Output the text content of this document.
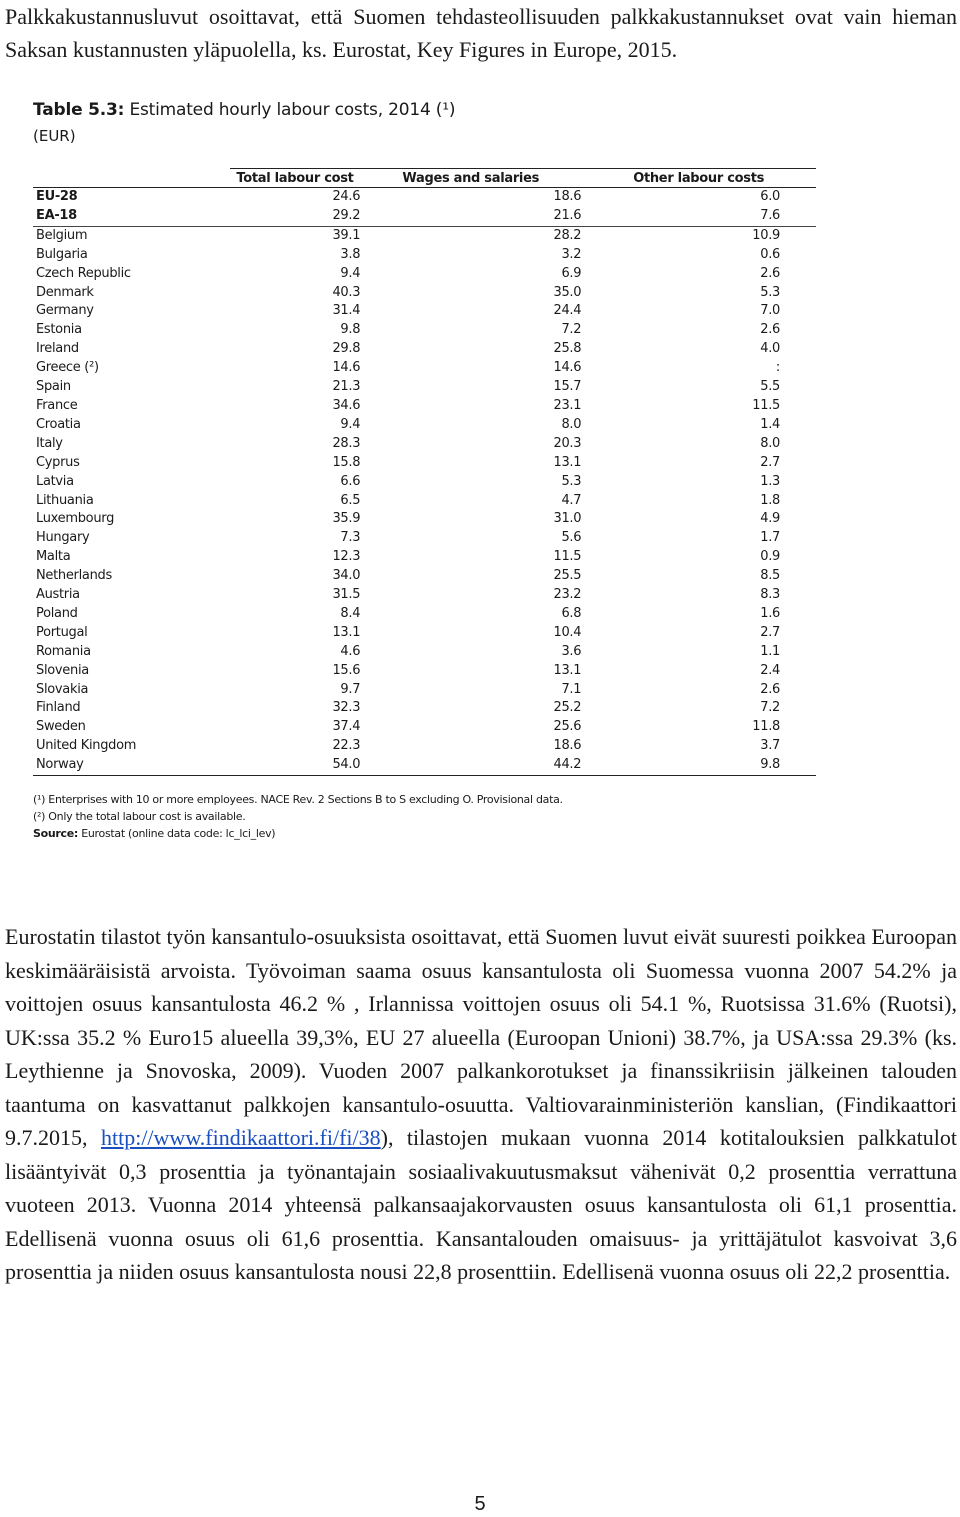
Palkkakustannusluvut osoittavat, että Suomen tehdasteollisuuden palkkakustannukset ovat vain hieman Saksan kustannusten yläpuolella, ks. Eurostat, Key Figures in Europe, 2015.

Table 5.3: Estimated hourly labour costs, 2014 (¹)

(EUR)

	Total labour cost	Wages and salaries	Other labour costs
EU-28	24.6	18.6	6.0
EA-18	29.2	21.6	7.6
Belgium	39.1	28.2	10.9
Bulgaria	3.8	3.2	0.6
Czech Republic	9.4	6.9	2.6
Denmark	40.3	35.0	5.3
Germany	31.4	24.4	7.0
Estonia	9.8	7.2	2.6
Ireland	29.8	25.8	4.0
Greece (²)	14.6	14.6	:
Spain	21.3	15.7	5.5
France	34.6	23.1	11.5
Croatia	9.4	8.0	1.4
Italy	28.3	20.3	8.0
Cyprus	15.8	13.1	2.7
Latvia	6.6	5.3	1.3
Lithuania	6.5	4.7	1.8
Luxembourg	35.9	31.0	4.9
Hungary	7.3	5.6	1.7
Malta	12.3	11.5	0.9
Netherlands	34.0	25.5	8.5
Austria	31.5	23.2	8.3
Poland	8.4	6.8	1.6
Portugal	13.1	10.4	2.7
Romania	4.6	3.6	1.1
Slovenia	15.6	13.1	2.4
Slovakia	9.7	7.1	2.6
Finland	32.3	25.2	7.2
Sweden	37.4	25.6	11.8
United Kingdom	22.3	18.6	3.7
Norway	54.0	44.2	9.8

(¹) Enterprises with 10 or more employees. NACE Rev. 2 Sections B to S excluding O. Provisional data.

(²) Only the total labour cost is available.

Source: Eurostat (online data code: lc_lci_lev)

Eurostatin tilastot työn kansantulo-osuuksista osoittavat, että Suomen luvut eivät suuresti poikkea Euroopan keskimääräisistä arvoista. Työvoiman saama osuus kansantulosta oli Suomessa vuonna 2007 54.2% ja voittojen osuus kansantulosta 46.2 % , Irlannissa voittojen osuus oli 54.1 %, Ruotsissa 31.6% (Ruotsi), UK:ssa 35.2 % Euro15 alueella 39,3%, EU 27 alueella (Euroopan Unioni) 38.7%, ja USA:ssa 29.3% (ks. Leythienne ja Snovoska, 2009). Vuoden 2007 palkankorotukset ja finanssikriisin jälkeinen talouden taantuma on kasvattanut palkkojen kansantulo-osuutta. Valtiovarainministeriön kanslian, (Findikaattori 9.7.2015, http://www.findikaattori.fi/fi/38), tilastojen mukaan vuonna 2014 kotitalouksien palkkatulot lisääntyivät 0,3 prosenttia ja työnantajain sosiaalivakuutusmaksut vähenivät 0,2 prosenttia verrattuna vuoteen 2013. Vuonna 2014 yhteensä palkansaajakorvausten osuus kansantulosta oli 61,1 prosenttia. Edellisenä vuonna osuus oli 61,6 prosenttia. Kansantalouden omaisuus- ja yrittäjätulot kasvoivat 3,6 prosenttia ja niiden osuus kansantulosta nousi 22,8 prosenttiin. Edellisenä vuonna osuus oli 22,2 prosenttia.

5
